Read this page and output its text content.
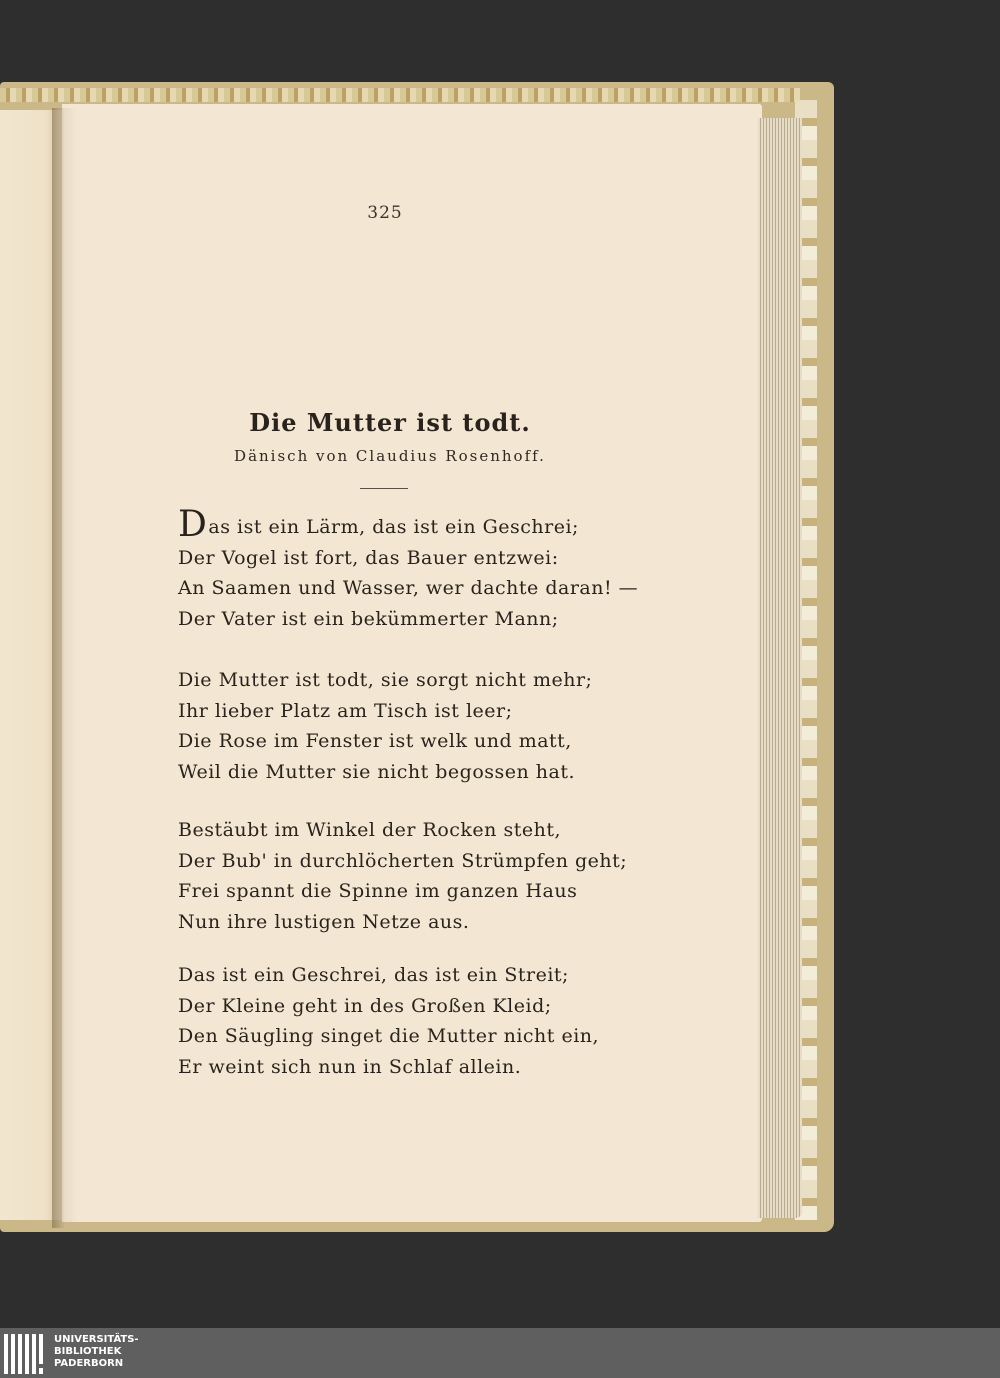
325
Die Mutter ist todt.
Dänisch von Claudius Rosenhoff.
Das ist ein Lärm, das ist ein Geschrei;
Der Vogel ist fort, das Bauer entzwei:
An Saamen und Wasser, wer dachte daran! —
Der Vater ist ein bekümmerter Mann;
Die Mutter ist todt, sie sorgt nicht mehr;
Ihr lieber Platz am Tisch ist leer;
Die Rose im Fenster ist welk und matt,
Weil die Mutter sie nicht begossen hat.
Bestäubt im Winkel der Rocken steht,
Der Bub' in durchlöcherten Strümpfen geht;
Frei spannt die Spinne im ganzen Haus
Nun ihre lustigen Netze aus.
Das ist ein Geschrei, das ist ein Streit;
Der Kleine geht in des Großen Kleid;
Den Säugling singet die Mutter nicht ein,
Er weint sich nun in Schlaf allein.
UNIVERSITÄTS-
BIBLIOTHEK
PADERBORN
